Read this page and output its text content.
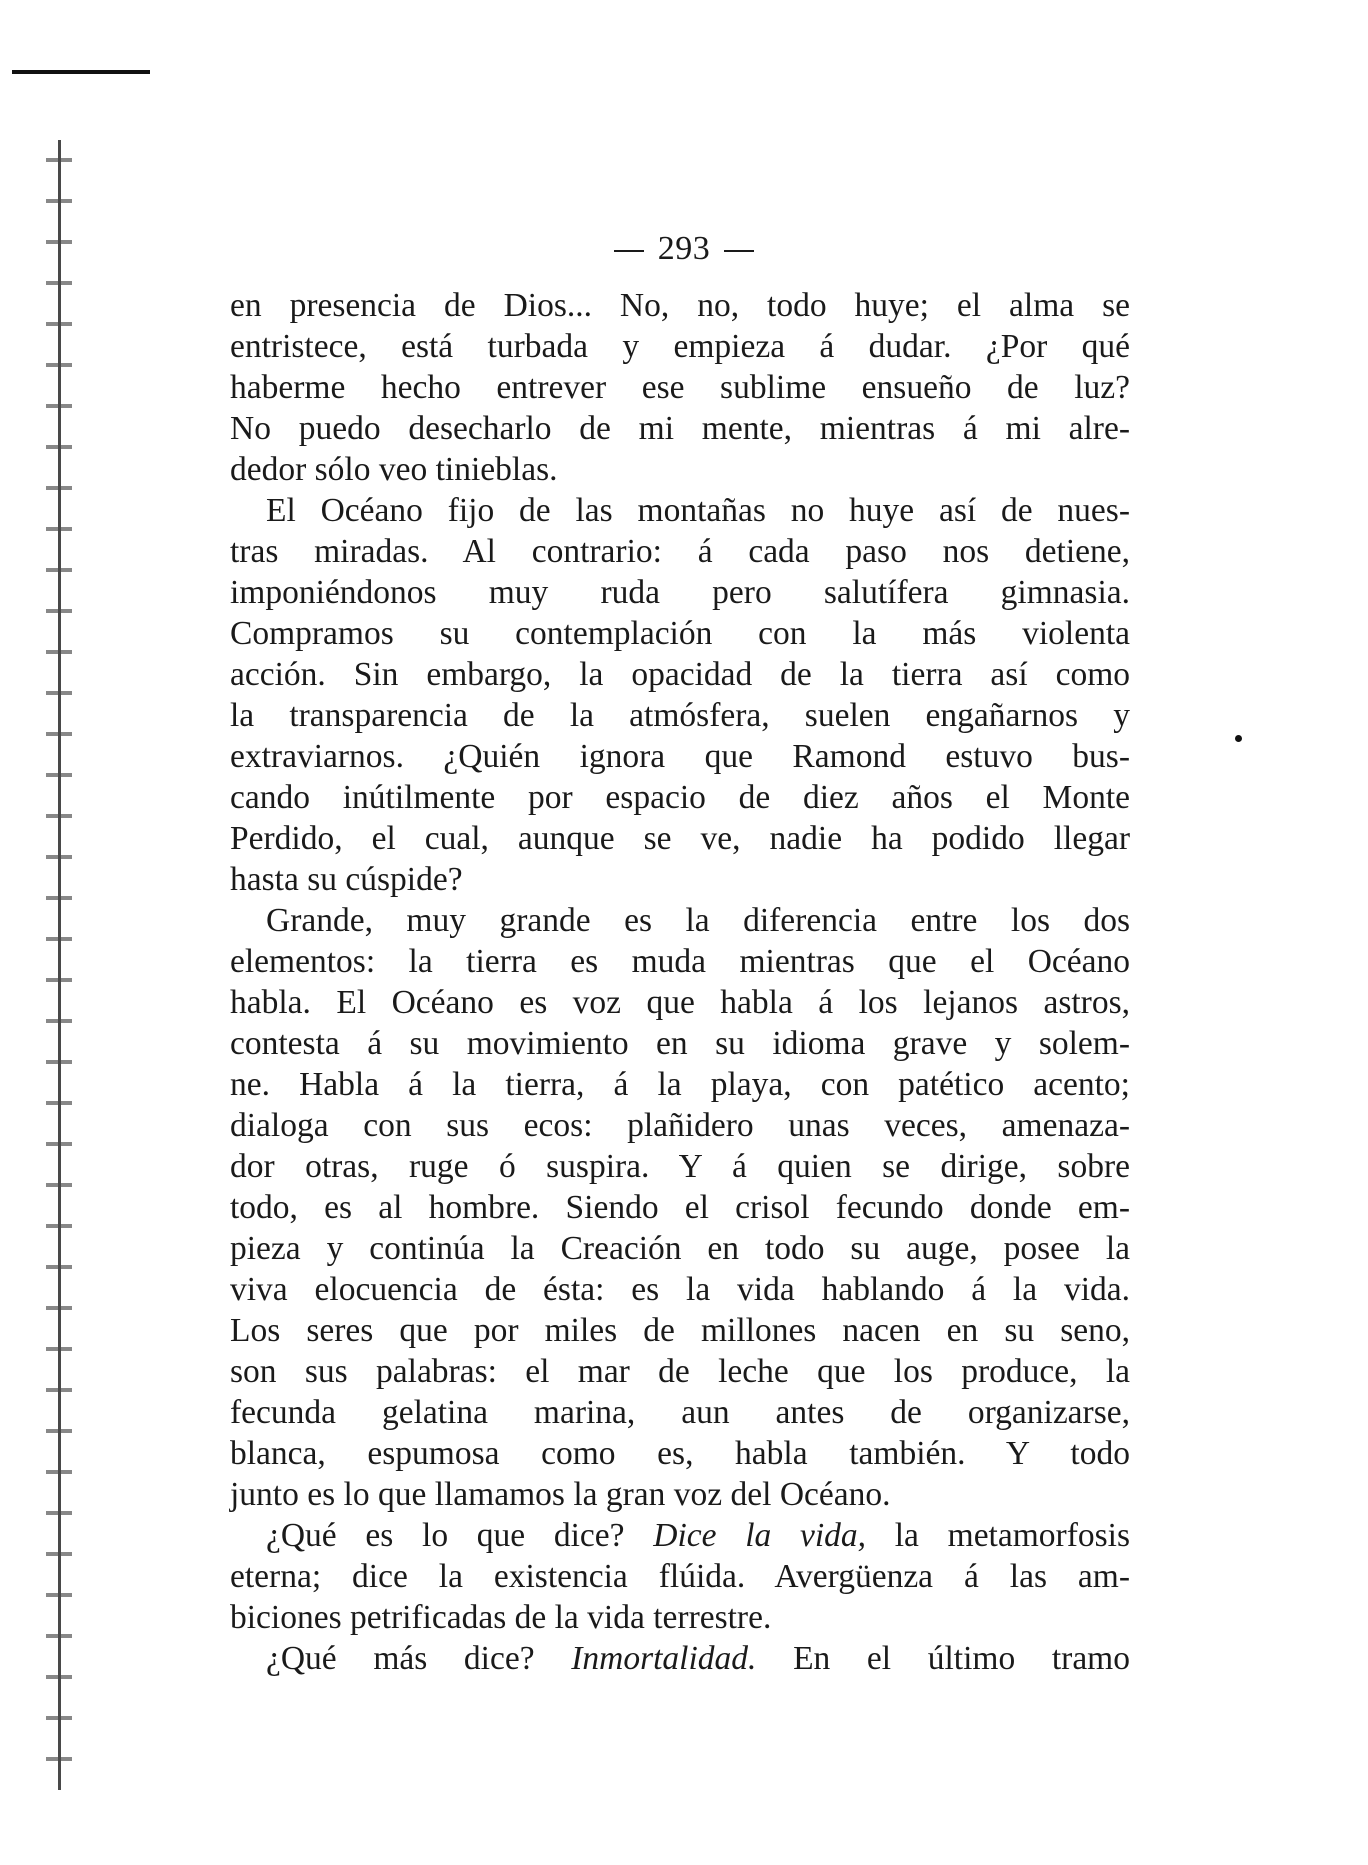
293
en presencia de Dios... No, no, todo huye; el alma se
entristece, está turbada y empieza á dudar. ¿Por qué
haberme hecho entrever ese sublime ensueño de luz?
No puedo desecharlo de mi mente, mientras á mi alre-
dedor sólo veo tinieblas.
El Océano fijo de las montañas no huye así de nues-
tras miradas. Al contrario: á cada paso nos detiene,
imponiéndonos muy ruda pero salutífera gimnasia.
Compramos su contemplación con la más violenta
acción. Sin embargo, la opacidad de la tierra así como
la transparencia de la atmósfera, suelen engañarnos y
extraviarnos. ¿Quién ignora que Ramond estuvo bus-
cando inútilmente por espacio de diez años el Monte
Perdido, el cual, aunque se ve, nadie ha podido llegar
hasta su cúspide?
Grande, muy grande es la diferencia entre los dos
elementos: la tierra es muda mientras que el Océano
habla. El Océano es voz que habla á los lejanos astros,
contesta á su movimiento en su idioma grave y solem-
ne. Habla á la tierra, á la playa, con patético acento;
dialoga con sus ecos: plañidero unas veces, amenaza-
dor otras, ruge ó suspira. Y á quien se dirige, sobre
todo, es al hombre. Siendo el crisol fecundo donde em-
pieza y continúa la Creación en todo su auge, posee la
viva elocuencia de ésta: es la vida hablando á la vida.
Los seres que por miles de millones nacen en su seno,
son sus palabras: el mar de leche que los produce, la
fecunda gelatina marina, aun antes de organizarse,
blanca, espumosa como es, habla también. Y todo
junto es lo que llamamos la gran voz del Océano.
¿Qué es lo que dice? Dice la vida, la metamorfosis
eterna; dice la existencia flúida. Avergüenza á las am-
biciones petrificadas de la vida terrestre.
¿Qué más dice? Inmortalidad. En el último tramo
